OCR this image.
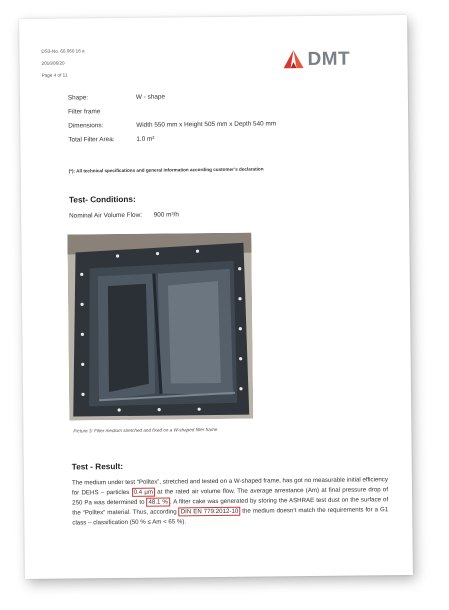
DS3-No. 60.060 16 a
2016/06/20
Page 4 of 11
DMT
Shape:	W - shape
Filter frame
Dimensions:	Width 550 mm x Height 505 mm x Depth 540 mm
Total Filter Area:	1.0 m²
(*): All technical specifications and general information according customer’s declaration
Test- Conditions:
Nominal Air Volume Flow: 900 m³/h
Picture 3: Filter medium stretched and fixed on a W-shaped filter frame
Test - Result:
The medium under test “Polltex”, stretched and tested on a W-shaped frame, has got no measurable initial efficiency for DEHS – particles 0.4 µm at the rated air volume flow. The average arrestance (Am) at final pressure drop of 250 Pa was determined to 48.1 % . A filter cake was generated by storing the ASHRAE test dust on the surface of the “Polltex” material. Thus, according DIN EN 779:2012-10 the medium doesn’t match the requirements for a G1 class – classification (50 % ≤ Am < 65 %).
